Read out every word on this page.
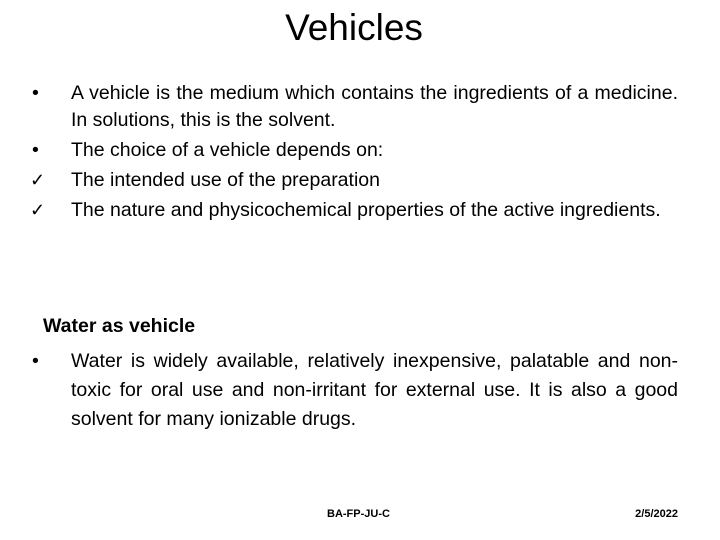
Vehicles
•	A vehicle is the medium which contains the ingredients of a medicine. In solutions, this is the solvent.
•	The choice of a vehicle depends on:
✓	The intended use of the preparation
✓	The nature and physicochemical properties of the active ingredients.
Water as vehicle
•	Water is widely available, relatively inexpensive, palatable and non-toxic for oral use and non-irritant for external use. It is also a good solvent for many ionizable drugs.
BA-FP-JU-C	2/5/2022
